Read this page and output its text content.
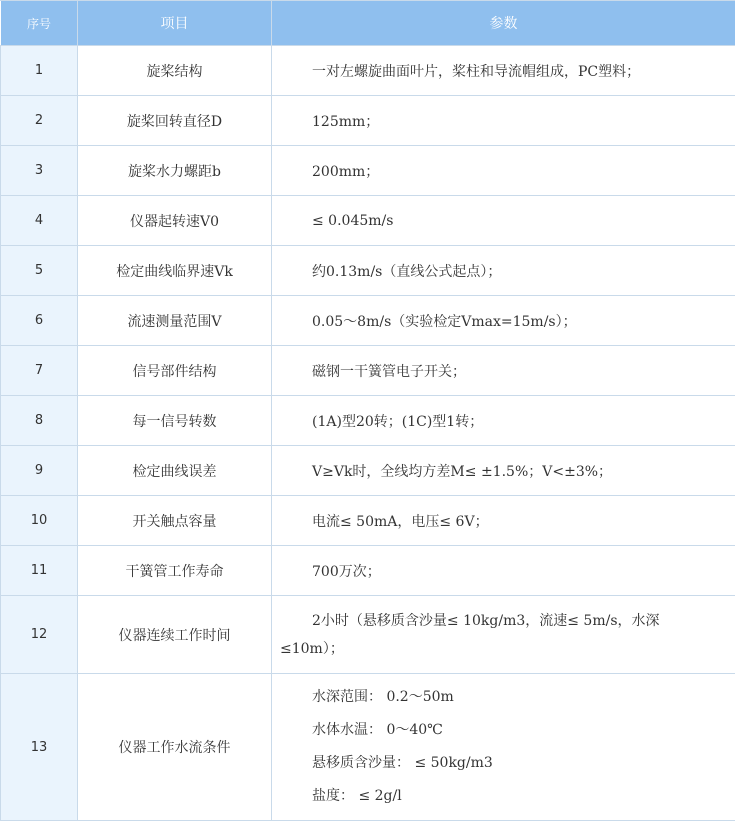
序号	项目	参数
1	旋桨结构	一对左螺旋曲面叶片，桨柱和导流帽组成，PC塑料；
2	旋桨回转直径D	125mm；
3	旋桨水力螺距b	200mm；
4	仪器起转速V0	≤ 0.045m/s
5	检定曲线临界速Vk	约0.13m/s（直线公式起点）；
6	流速测量范围V	0.05～8m/s（实验检定Vmax=15m/s）；
7	信号部件结构	磁钢一干簧管电子开关；
8	每一信号转数	(1A)型20转；(1C)型1转；
9	检定曲线误差	V≥Vk时，全线均方差M≤ ±1.5%；V<±3%；
10	开关触点容量	电流≤ 50mA，电压≤ 6V；
11	干簧管工作寿命	700万次；
12	仪器连续工作时间	2小时（悬移质含沙量≤ 10kg/m3，流速≤ 5m/s，水深
≤10m）；
13	仪器工作水流条件	水深范围： 0.2～50m
水体水温： 0～40℃
悬移质含沙量： ≤ 50kg/m3
盐度： ≤ 2g/l
